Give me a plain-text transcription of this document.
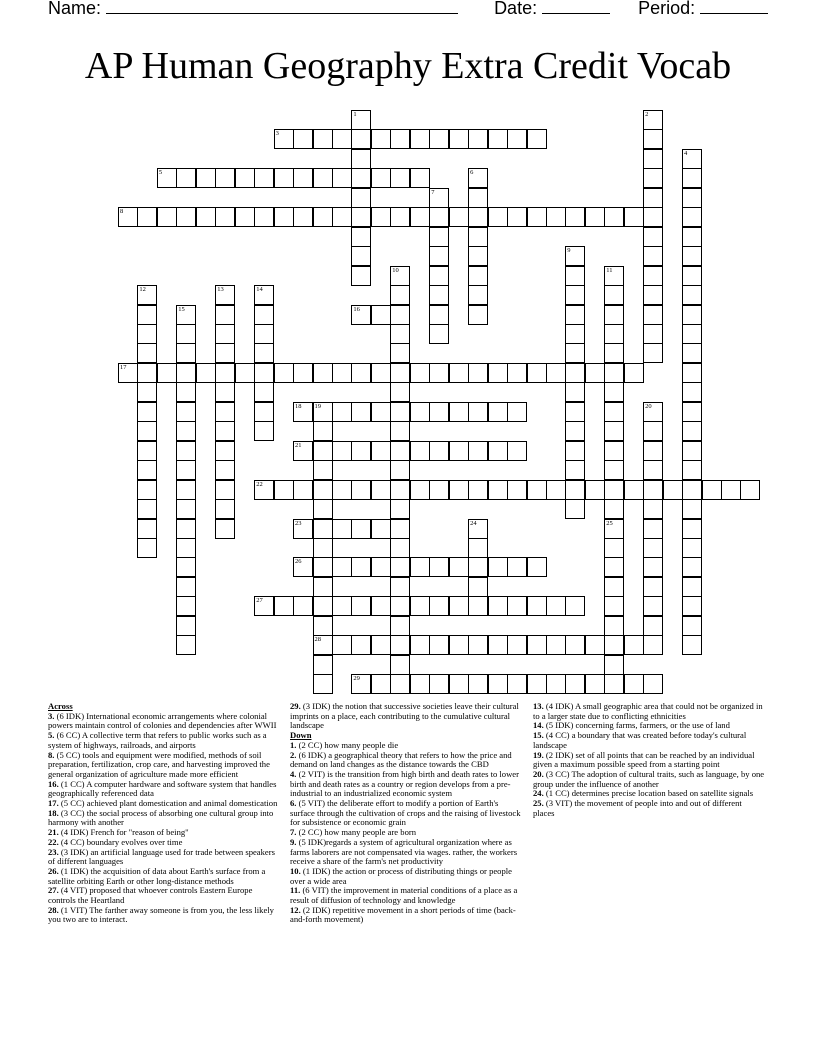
Name:	Date:	Period:
AP Human Geography Extra Credit Vocab
1	2
3
4
5	6
7
8
9
10	11
25
12	13	14
15	16
17
18 19
28
20
21
22
23	24
26
27
29
Across
3. (6 IDK) International economic arrangements where colonial powers maintain control of colonies and dependencies after WWII
5. (6 CC) A collective term that refers to public works such as a system of highways, railroads, and airports
8. (5 CC) tools and equipment were modified, methods of soil preparation, fertilization, crop care, and harvesting improved the general organization of agriculture made more efficient
16. (1 CC) A computer hardware and software system that handles geographically referenced data
17. (5 CC) achieved plant domestication and animal domestication
18. (3 CC) the social process of absorbing one cultural group into harmony with another
21. (4 IDK) French for "reason of being"
22. (4 CC) boundary evolves over time
23. (3 IDK) an artificial language used for trade between speakers of different languages
26. (1 IDK) the acquisition of data about Earth's surface from a satellite orbiting Earth or other long-distance methods
27. (4 VIT) proposed that whoever controls Eastern Europe controls the Heartland
28. (1 VIT) The farther away someone is from you, the less likely you two are to interact.
29. (3 IDK) the notion that successive societies leave their cultural imprints on a place, each contributing to the cumulative cultural landscape
Down
1. (2 CC) how many people die
2. (6 IDK) a geographical theory that refers to how the price and demand on land changes as the distance towards the CBD
4. (2 VIT) is the transition from high birth and death rates to lower birth and death rates as a country or region develops from a pre-industrial to an industrialized economic system
6. (5 VIT) the deliberate effort to modify a portion of Earth's surface through the cultivation of crops and the raising of livestock for subsistence or economic grain
7. (2 CC) how many people are born
9. (5 IDK)regards a system of agricultural organization where as farms laborers are not compensated via wages. rather, the workers receive a share of the farm's net productivity
10. (1 IDK) the action or process of distributing things or people over a wide area
11. (6 VIT) the improvement in material conditions of a place as a result of diffusion of technology and knowledge
12. (2 IDK) repetitive movement in a short periods of time (back-and-forth movement)
13. (4 IDK) A small geographic area that could not be organized in to a larger state due to conflicting ethnicities
14. (5 IDK) concerning farms, farmers, or the use of land
15. (4 CC) a boundary that was created before today's cultural landscape
19. (2 IDK) set of all points that can be reached by an individual given a maximum possible speed from a starting point
20. (3 CC) The adoption of cultural traits, such as language, by one group under the influence of another
24. (1 CC) determines precise location based on satellite signals
25. (3 VIT) the movement of people into and out of different places
